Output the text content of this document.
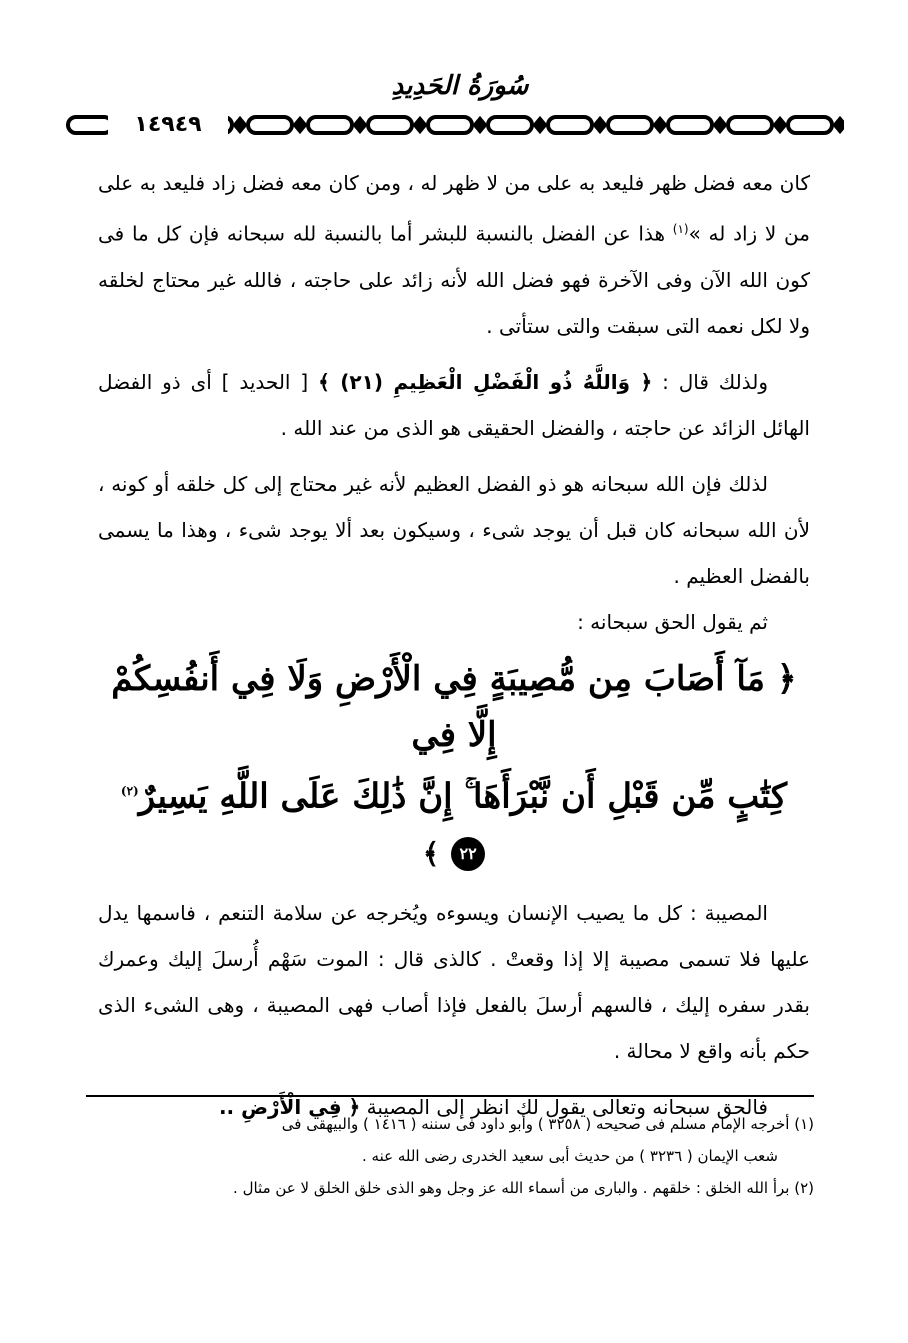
سُورَةُ الحَدِيدِ
١٤٩٤٩

كان معه فضل ظهر فليعد به على من لا ظهر له ، ومن كان معه فضل زاد فليعد به على من لا زاد له »$^{(١)}$ هذا عن الفضل بالنسبة للبشر أما بالنسبة لله سبحانه فإن كل ما فى كون الله الآن وفى الآخرة فهو فضل الله لأنه زائد على حاجته ، فالله غير محتاج لخلقه ولا لكل نعمه التى سبقت والتى ستأتى .

ولذلك قال : ﴿ وَاللَّهُ ذُو الْفَضْلِ الْعَظِيمِ (٢١) ﴾ [ الحديد ] أى ذو الفضل الهائل الزائد عن حاجته ، والفضل الحقيقى هو الذى من عند الله .

لذلك فإن الله سبحانه هو ذو الفضل العظيم لأنه غير محتاج إلى كل خلقه أو كونه ، لأن الله سبحانه كان قبل أن يوجد شىء ، وسيكون بعد ألا يوجد شىء ، وهذا ما يسمى بالفضل العظيم .

ثم يقول الحق سبحانه :

﴿ مَآ أَصَابَ مِن مُّصِيبَةٍ فِي الْأَرْضِ وَلَا فِي أَنفُسِكُمْ إِلَّا فِي
كِتَٰبٍ مِّن قَبْلِ أَن نَّبْرَأَهَا ۚ إِنَّ ذَٰلِكَ عَلَى اللَّهِ يَسِيرٌ$^{(٢)}$ ٢٢ ﴾

المصيبة : كل ما يصيب الإنسان ويسوءه ويُخرجه عن سلامة التنعم ، فاسمها يدل عليها فلا تسمى مصيبة إلا إذا وقعتْ . كالذى قال : الموت سَهْم أُرسلَ إليك وعمرك بقدر سفره إليك ، فالسهم أرسلَ بالفعل فإذا أصاب فهى المصيبة ، وهى الشىء الذى حكم بأنه واقع لا محالة .

فالحق سبحانه وتعالى يقول لك انظر إلى المصيبة ﴿ فِي الْأَرْضِ ..

(١) أخرجه الإمام مسلم فى صحيحه ( ٣٢٥٨ ) وأبو داود فى سننه ( ١٤١٦ ) والبيهقى فى

شعب الإيمان ( ٣٢٣٦ ) من حديث أبى سعيد الخدرى رضى الله عنه .

(٢) برأ الله الخلق : خلقهم . والبارى من أسماء الله عز وجل وهو الذى خلق الخلق لا عن مثال .
